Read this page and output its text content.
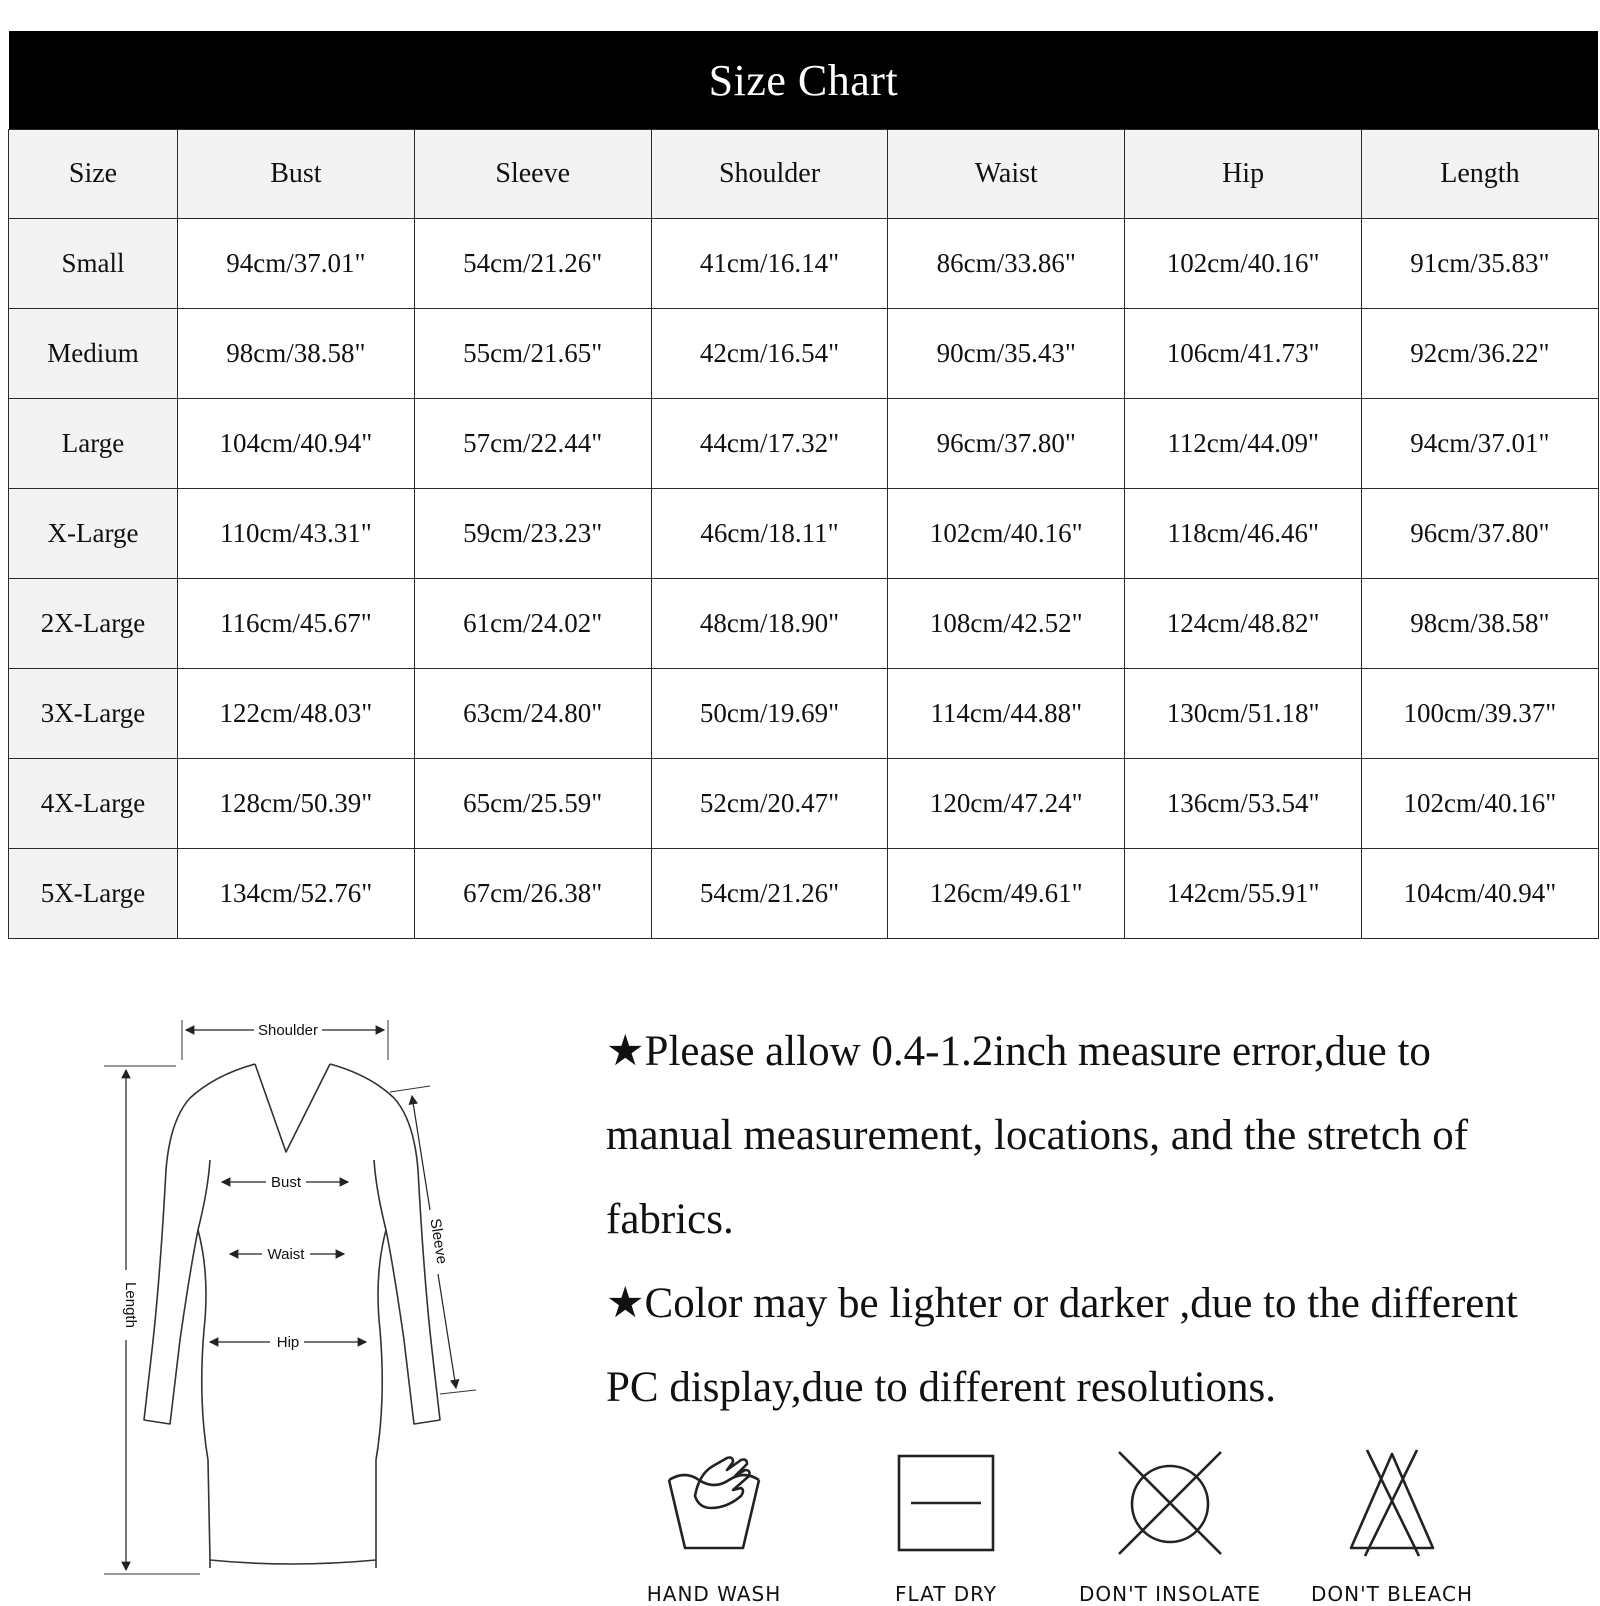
Size Chart						
Size	Bust	Sleeve	Shoulder	Waist	Hip	Length
Small	94cm/37.01"	54cm/21.26"	41cm/16.14"	86cm/33.86"	102cm/40.16"	91cm/35.83"
Medium	98cm/38.58"	55cm/21.65"	42cm/16.54"	90cm/35.43"	106cm/41.73"	92cm/36.22"
Large	104cm/40.94"	57cm/22.44"	44cm/17.32"	96cm/37.80"	112cm/44.09"	94cm/37.01"
X-Large	110cm/43.31"	59cm/23.23"	46cm/18.11"	102cm/40.16"	118cm/46.46"	96cm/37.80"
2X-Large	116cm/45.67"	61cm/24.02"	48cm/18.90"	108cm/42.52"	124cm/48.82"	98cm/38.58"
3X-Large	122cm/48.03"	63cm/24.80"	50cm/19.69"	114cm/44.88"	130cm/51.18"	100cm/39.37"
4X-Large	128cm/50.39"	65cm/25.59"	52cm/20.47"	120cm/47.24"	136cm/53.54"	102cm/40.16"
5X-Large	134cm/52.76"	67cm/26.38"	54cm/21.26"	126cm/49.61"	142cm/55.91"	104cm/40.94"
Shoulder
Bust
Waist
Hip
Length
Sleeve

★Please allow 0.4-1.2inch measure error,due to manual measurement, locations, and the stretch of fabrics.

★Color may be lighter or darker ,due to the different PC display,due to different resolutions.

HAND WASH	FLAT DRY	DON'T INSOLATE	DON'T BLEACH
